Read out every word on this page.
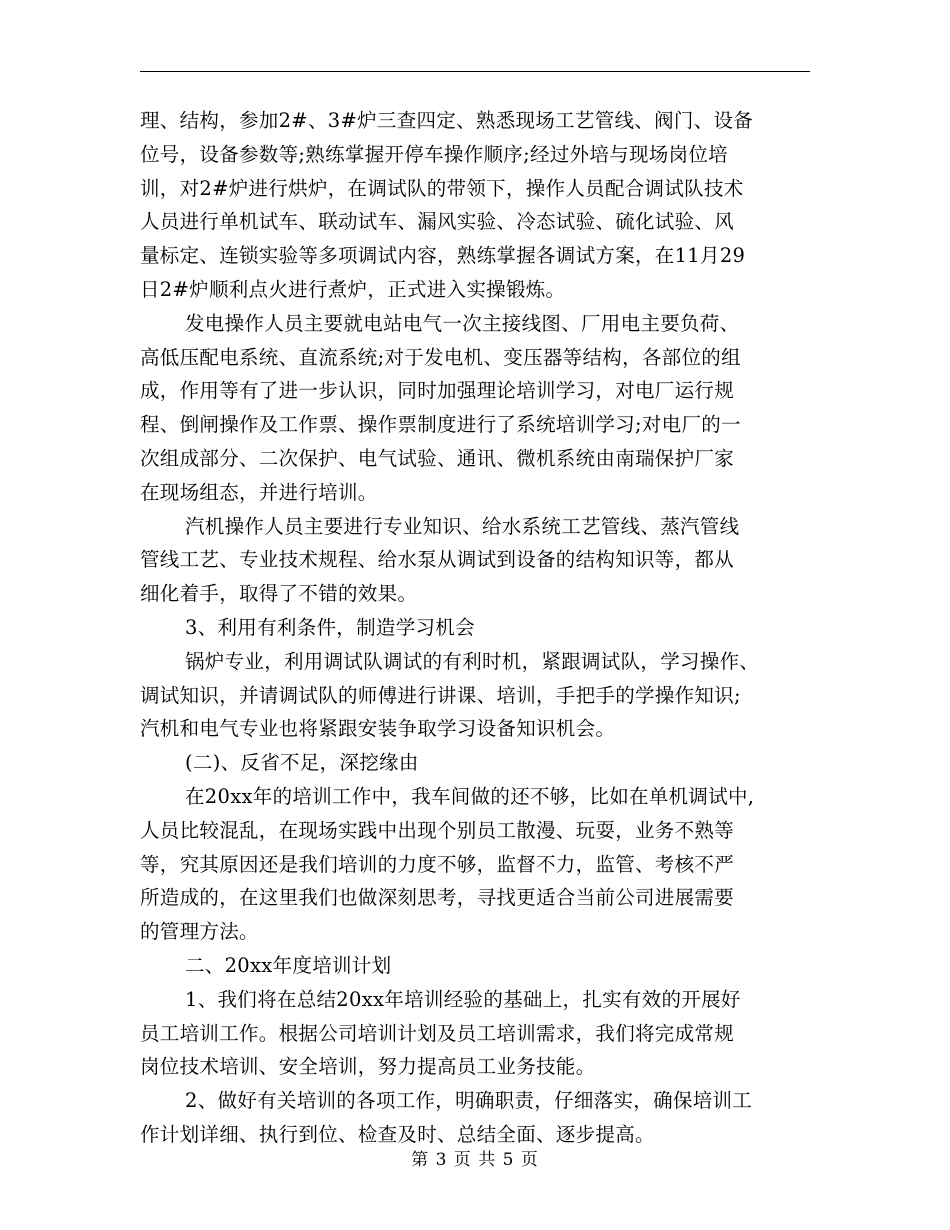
理、结构，参加2#、3#炉三查四定、熟悉现场工艺管线、阀门、设备
位号，设备参数等;熟练掌握开停车操作顺序;经过外培与现场岗位培
训，对2#炉进行烘炉，在调试队的带领下，操作人员配合调试队技术
人员进行单机试车、联动试车、漏风实验、冷态试验、硫化试验、风
量标定、连锁实验等多项调试内容，熟练掌握各调试方案，在11月29
日2#炉顺利点火进行煮炉，正式进入实操锻炼。
发电操作人员主要就电站电气一次主接线图、厂用电主要负荷、
高低压配电系统、直流系统;对于发电机、变压器等结构，各部位的组
成，作用等有了进一步认识，同时加强理论培训学习，对电厂运行规
程、倒闸操作及工作票、操作票制度进行了系统培训学习;对电厂的一
次组成部分、二次保护、电气试验、通讯、微机系统由南瑞保护厂家
在现场组态，并进行培训。
汽机操作人员主要进行专业知识、给水系统工艺管线、蒸汽管线
管线工艺、专业技术规程、给水泵从调试到设备的结构知识等，都从
细化着手，取得了不错的效果。
3、利用有利条件，制造学习机会
锅炉专业，利用调试队调试的有利时机，紧跟调试队，学习操作、
调试知识，并请调试队的师傅进行讲课、培训，手把手的学操作知识;
汽机和电气专业也将紧跟安装争取学习设备知识机会。
(二)、反省不足，深挖缘由
在20xx年的培训工作中，我车间做的还不够，比如在单机调试中,
人员比较混乱，在现场实践中出现个别员工散漫、玩耍，业务不熟等
等，究其原因还是我们培训的力度不够，监督不力，监管、考核不严
所造成的，在这里我们也做深刻思考，寻找更适合当前公司进展需要
的管理方法。
二、20xx年度培训计划
1、我们将在总结20xx年培训经验的基础上，扎实有效的开展好
员工培训工作。根据公司培训计划及员工培训需求，我们将完成常规
岗位技术培训、安全培训，努力提高员工业务技能。
2、做好有关培训的各项工作，明确职责，仔细落实，确保培训工
作计划详细、执行到位、检查及时、总结全面、逐步提高。
第 3 页 共 5 页
